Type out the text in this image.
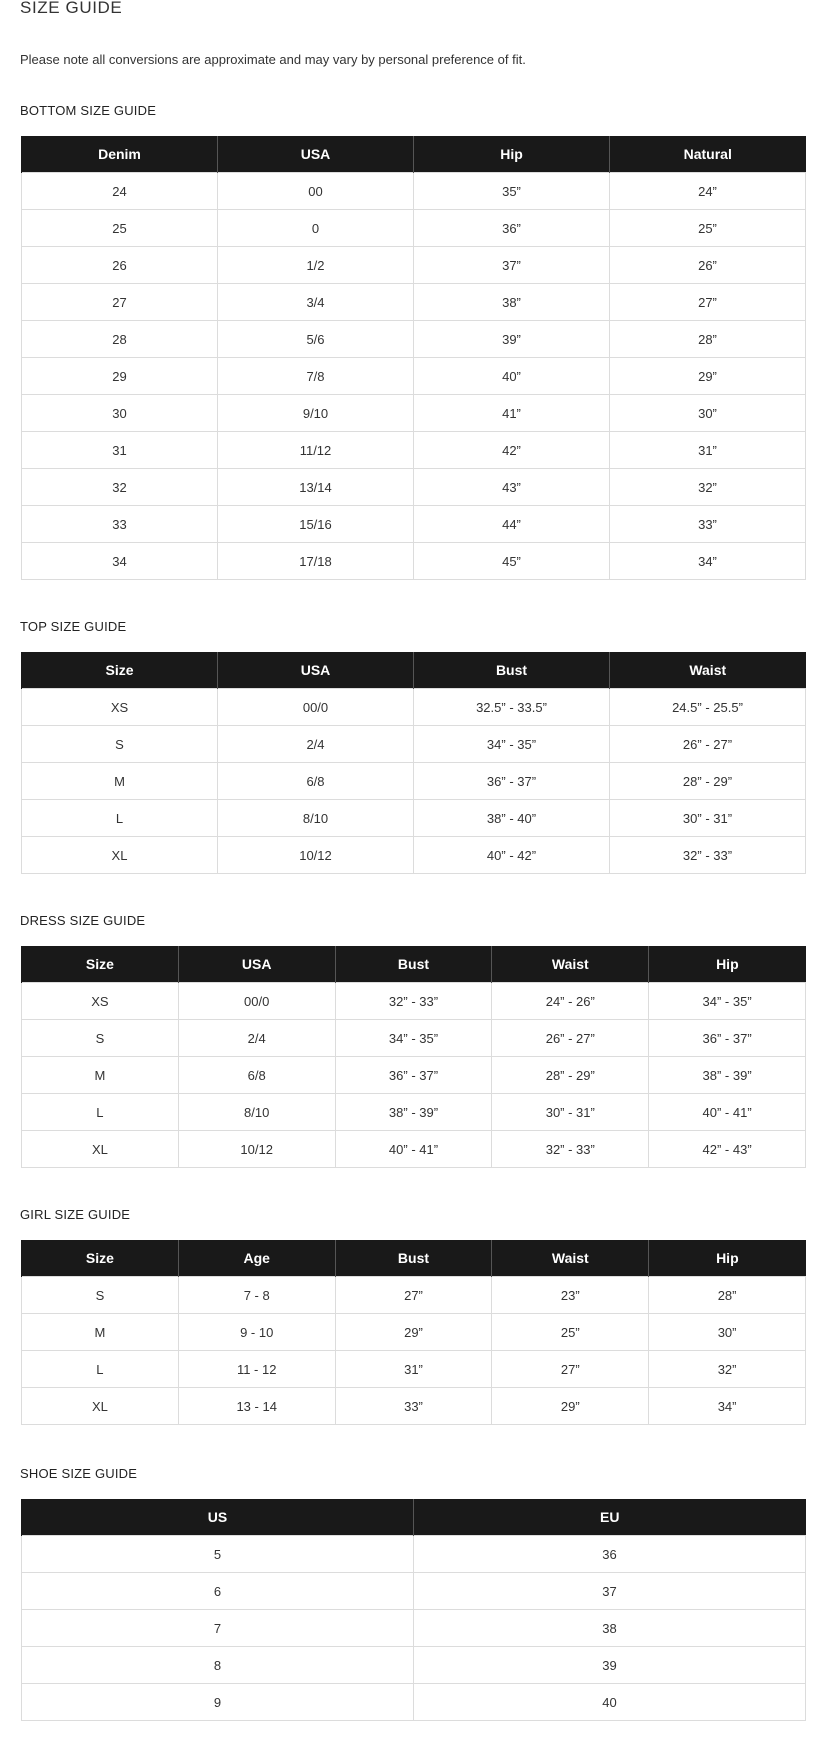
SIZE GUIDE

Please note all conversions are approximate and may vary by personal preference of fit.

BOTTOM SIZE GUIDE
Denim	USA	Hip	Natural
24	00	35”	24”
25	0	36”	25”
26	1/2	37”	26”
27	3/4	38”	27”
28	5/6	39”	28”
29	7/8	40”	29”
30	9/10	41”	30”
31	11/12	42”	31”
32	13/14	43”	32”
33	15/16	44”	33”
34	17/18	45”	34”
TOP SIZE GUIDE
Size	USA	Bust	Waist
XS	00/0	32.5” - 33.5”	24.5” - 25.5”
S	2/4	34” - 35”	26” - 27”
M	6/8	36” - 37”	28” - 29”
L	8/10	38” - 40”	30” - 31”
XL	10/12	40” - 42”	32” - 33”
DRESS SIZE GUIDE
Size	USA	Bust	Waist	Hip
XS	00/0	32” - 33”	24” - 26”	34” - 35”
S	2/4	34” - 35”	26” - 27”	36” - 37”
M	6/8	36” - 37”	28” - 29”	38” - 39”
L	8/10	38” - 39”	30” - 31”	40” - 41”
XL	10/12	40” - 41”	32” - 33”	42” - 43”
GIRL SIZE GUIDE
Size	Age	Bust	Waist	Hip
S	7 - 8	27”	23”	28”
M	9 - 10	29”	25”	30”
L	11 - 12	31”	27”	32”
XL	13 - 14	33”	29”	34”
SHOE SIZE GUIDE
US	EU
5	36
6	37
7	38
8	39
9	40
